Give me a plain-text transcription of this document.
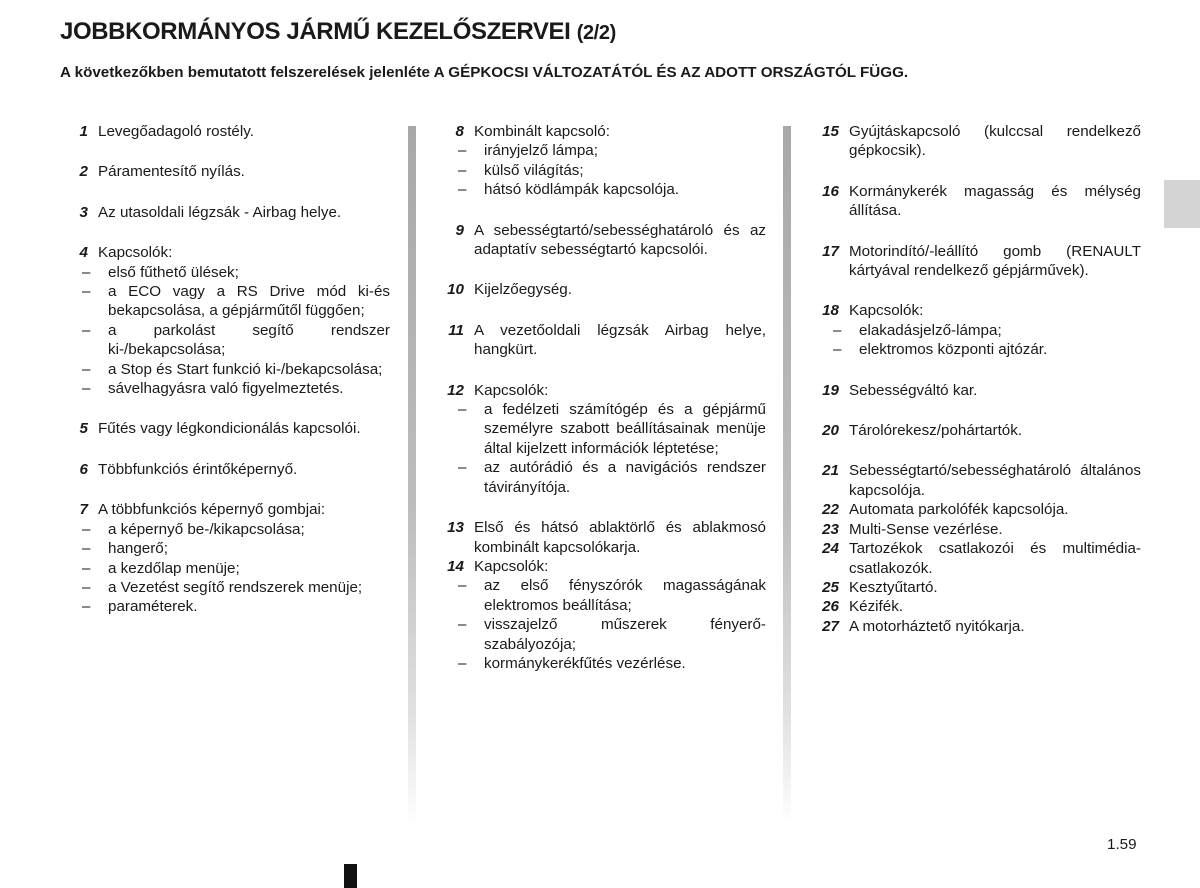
JOBBKORMÁNYOS JÁRMŰ KEZELŐSZERVEI (2/2)

A következőkben bemutatott felszerelések jelenléte A GÉPKOCSI VÁLTOZATÁTÓL ÉS AZ ADOTT ORSZÁGTÓL FÜGG.

1 Levegőadagoló rostély.
2 Páramentesítő nyílás.
3 Az utasoldali légzsák - Airbag helye.
4 Kapcsolók:
–	első fűthető ülések;
–	a ECO vagy a RS Drive mód ki-és bekapcsolása, a gépjárműtől függően;
–	a parkolást segítő rendszer ki-/bekapcsolása;
–	a Stop és Start funkció ki-/bekapcsolása;
–	sávelhagyásra való figyelmeztetés.
5 Fűtés vagy légkondicionálás kapcsolói.
6 Többfunkciós érintőképernyő.
7 A többfunkciós képernyő gombjai:
–	a képernyő be-/kikapcsolása;
–	hangerő;
–	a kezdőlap menüje;
–	a Vezetést segítő rendszerek menüje;
–	paraméterek.
8 Kombinált kapcsoló:
–	irányjelző lámpa;
–	külső világítás;
–	hátsó ködlámpák kapcsolója.
9 A sebességtartó/sebességhatároló és az adaptatív sebességtartó kapcsolói.
10 Kijelzőegység.
11 A vezetőoldali légzsák Airbag helye, hangkürt.
12 Kapcsolók:
–	a fedélzeti számítógép és a gépjármű személyre szabott beállításainak menüje által kijelzett információk léptetése;
–	az autórádió és a navigációs rendszer távirányítója.
13 Első és hátsó ablaktörlő és ablakmosó kombinált kapcsolókarja.
14 Kapcsolók:
–	az első fényszórók magasságának elektromos beállítása;
–	visszajelző műszerek fényerő-szabályozója;
–	kormánykerékfűtés vezérlése.
15 Gyújtáskapcsoló (kulccsal rendelkező gépkocsik).
16 Kormánykerék magasság és mélység állítása.
17 Motorindító/-leállító gomb (RENAULT kártyával rendelkező gépjárművek).
18 Kapcsolók:
–	elakadásjelző-lámpa;
–	elektromos központi ajtózár.
19 Sebességváltó kar.
20 Tárolórekesz/pohártartók.
21 Sebességtartó/sebességhatároló általános kapcsolója.
22 Automata parkolófék kapcsolója.
23 Multi-Sense vezérlése.
24 Tartozékok csatlakozói és multimédia-csatlakozók.
25 Kesztyűtartó.
26 Kézifék.
27 A motorháztető nyitókarja.
1.59
